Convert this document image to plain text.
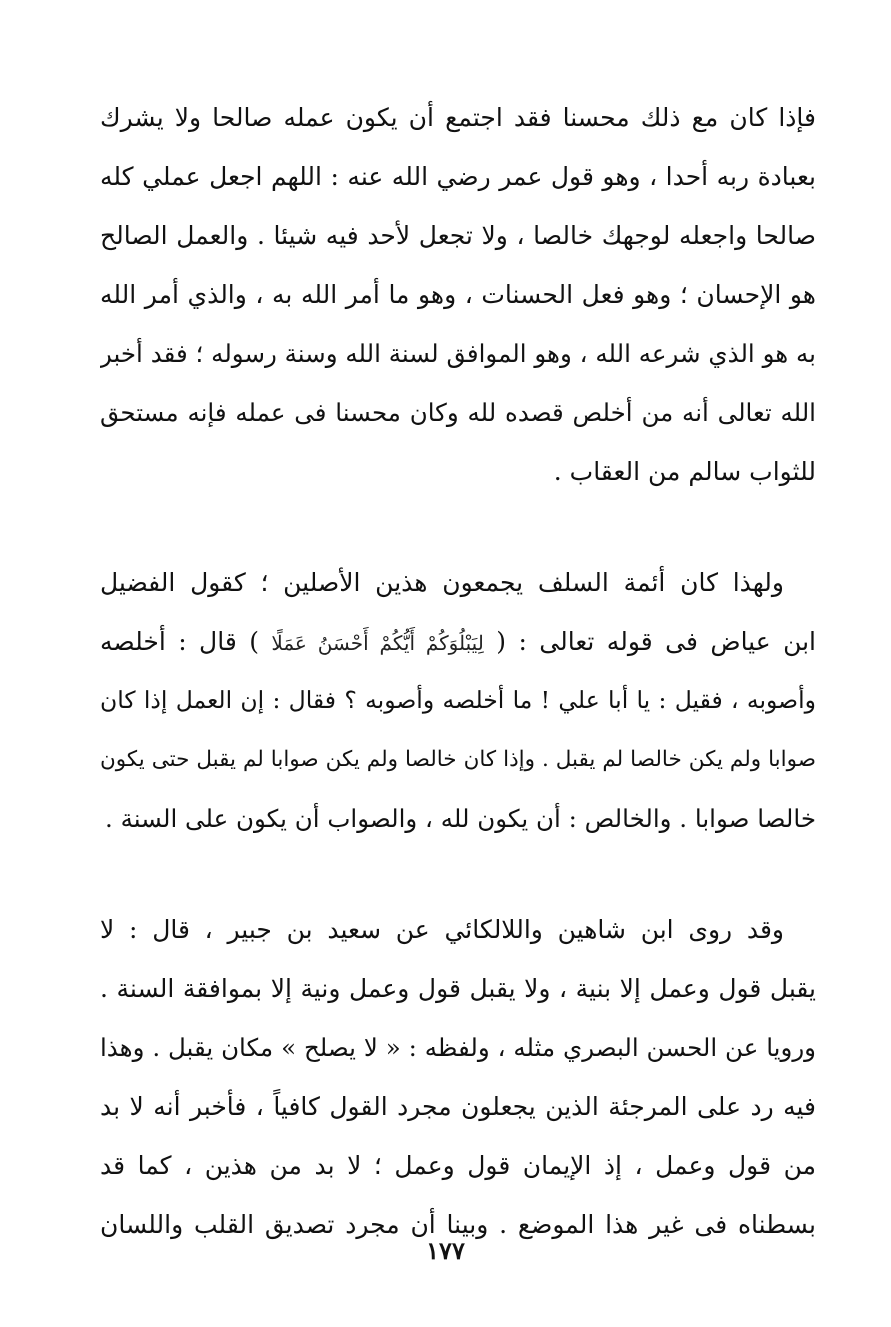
فإذا كان مع ذلك محسنا فقد اجتمع أن يكون عمله صالحا ولا يشرك
بعبادة ربه أحدا ، وهو قول عمر رضي الله عنه : اللهم اجعل عملي كله
صالحا واجعله لوجهك خالصا ، ولا تجعل لأحد فيه شيئا . والعمل الصالح
هو الإحسان ؛ وهو فعل الحسنات ، وهو ما أمر الله به ، والذي أمر الله
به هو الذي شرعه الله ، وهو الموافق لسنة الله وسنة رسوله ؛ فقد أخبر
الله تعالى أنه من أخلص قصده لله وكان محسنا فى عمله فإنه مستحق
للثواب سالم من العقاب .
ولهذا كان أئمة السلف يجمعون هذين الأصلين ؛ كقول الفضيل
ابن عياض فى قوله تعالى : ( لِيَبْلُوَكُمْ أَيُّكُمْ أَحْسَنُ عَمَلًا ) قال : أخلصه
وأصوبه ، فقيل : يا أبا علي ! ما أخلصه وأصوبه ؟ فقال : إن العمل إذا كان
صوابا ولم يكن خالصا لم يقبل . وإذا كان خالصا ولم يكن صوابا لم يقبل حتى يكون
خالصا صوابا . والخالص : أن يكون لله ، والصواب أن يكون على السنة .
وقد روى ابن شاهين واللالكائي عن سعيد بن جبير ، قال : لا
يقبل قول وعمل إلا بنية ، ولا يقبل قول وعمل ونية إلا بموافقة السنة .
ورويا عن الحسن البصري مثله ، ولفظه : « لا يصلح » مكان يقبل . وهذا
فيه رد على المرجئة الذين يجعلون مجرد القول كافياً ، فأخبر أنه لا بد
من قول وعمل ، إذ الإيمان قول وعمل ؛ لا بد من هذين ، كما قد
بسطناه فى غير هذا الموضع . وبينا أن مجرد تصديق القلب واللسان
١٧٧
